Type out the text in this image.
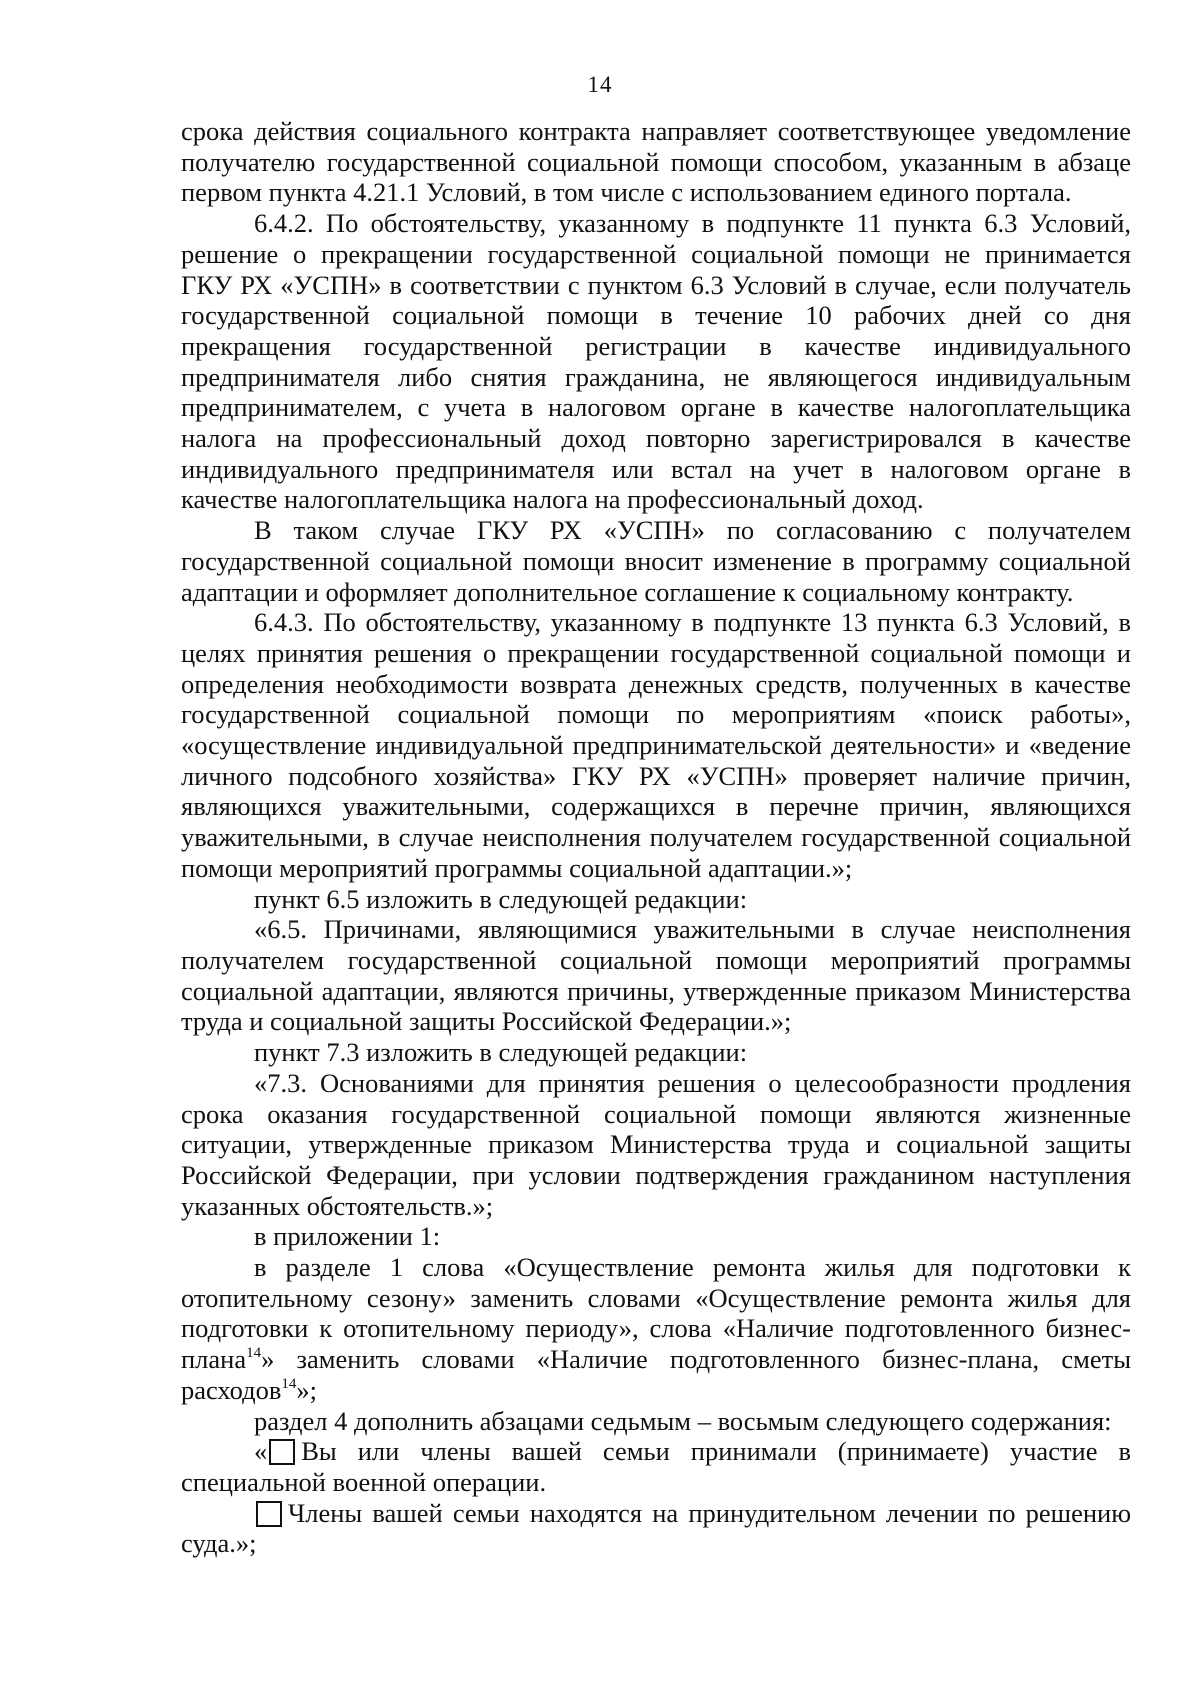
14

срока действия социального контракта направляет соответствующее уведомление получателю государственной социальной помощи способом, указанным в абзаце первом пункта 4.21.1 Условий, в том числе с использованием единого портала.

6.4.2. По обстоятельству, указанному в подпункте 11 пункта 6.3 Условий, решение о прекращении государственной социальной помощи не принимается ГКУ РХ «УСПН» в соответствии с пунктом 6.3 Условий в случае, если получатель государственной социальной помощи в течение 10 рабочих дней со дня прекращения государственной регистрации в качестве индивидуального предпринимателя либо снятия гражданина, не являющегося индивидуальным предпринимателем, с учета в налоговом органе в качестве налогоплательщика налога на профессиональный доход повторно зарегистрировался в качестве индивидуального предпринимателя или встал на учет в налоговом органе в качестве налогоплательщика налога на профессиональный доход.

В таком случае ГКУ РХ «УСПН» по согласованию с получателем государственной социальной помощи вносит изменение в программу социальной адаптации и оформляет дополнительное соглашение к социальному контракту.

6.4.3. По обстоятельству, указанному в подпункте 13 пункта 6.3 Условий, в целях принятия решения о прекращении государственной социальной помощи и определения необходимости возврата денежных средств, полученных в качестве государственной социальной помощи по мероприятиям «поиск работы», «осуществление индивидуальной предпринимательской деятельности» и «ведение личного подсобного хозяйства» ГКУ РХ «УСПН» проверяет наличие причин, являющихся уважительными, содержащихся в перечне причин, являющихся уважительными, в случае неисполнения получателем государственной социальной помощи мероприятий программы социальной адаптации.»;

пункт 6.5 изложить в следующей редакции:

«6.5. Причинами, являющимися уважительными в случае неисполнения получателем государственной социальной помощи мероприятий программы социальной адаптации, являются причины, утвержденные приказом Министерства труда и социальной защиты Российской Федерации.»;

пункт 7.3 изложить в следующей редакции:

«7.3. Основаниями для принятия решения о целесообразности продления срока оказания государственной социальной помощи являются жизненные ситуации, утвержденные приказом Министерства труда и социальной защиты Российской Федерации, при условии подтверждения гражданином наступления указанных обстоятельств.»;

в приложении 1:

в разделе 1 слова «Осуществление ремонта жилья для подготовки к отопительному сезону» заменить словами «Осуществление ремонта жилья для подготовки к отопительному периоду», слова «Наличие подготовленного бизнес-плана$^{14}$» заменить словами «Наличие подготовленного бизнес-плана, сметы расходов$^{14}$»;

раздел 4 дополнить абзацами седьмым – восьмым следующего содержания:

« Вы или члены вашей семьи принимали (принимаете) участие в специальной военной операции.

Члены вашей семьи находятся на принудительном лечении по решению суда.»;
